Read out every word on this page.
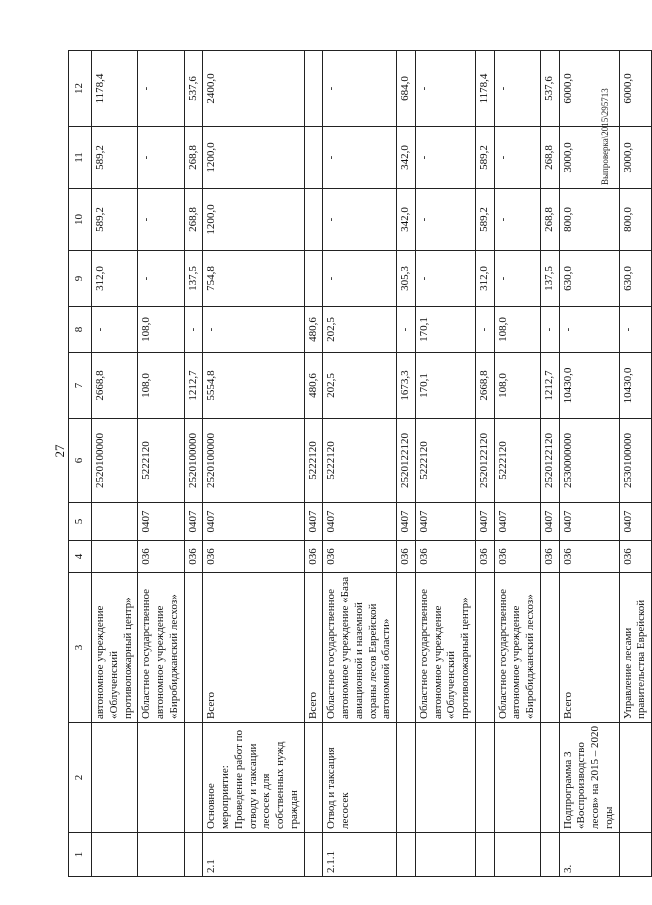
27
Выпроверка\2015\295713
1	2	3	4	5	6	7	8	9	10	11	12
		автономное учреждение «Облученский противопожарный центр»			2520100000	2668,8	-	312,0	589,2	589,2	1178,4
		Областное государственное автономное учреждение «Биробиджанский лесхоз»	036	0407	5222120	108,0	108,0	-	-	-	-
			036	0407	2520100000	1212,7	-	137,5	268,8	268,8	537,6
2.1	Основное мероприятие: Проведение работ по отводу и таксации лесосек для собственных нужд граждан	Всего	036	0407	2520100000	5554,8	-	754,8	1200,0	1200,0	2400,0
		Всего	036	0407	5222120	480,6	480,6				
2.1.1	Отвод и таксация лесосек	Областное государственное автономное учреждение «База авиационной и наземной охраны лесов Еврейской автономной области»	036	0407	5222120	202,5	202,5	-	-	-	-
			036	0407	2520122120	1673,3	-	305,3	342,0	342,0	684,0
		Областное государственное автономное учреждение «Облученский противопожарный центр»	036	0407	5222120	170,1	170,1	-	-	-	-
			036	0407	2520122120	2668,8	-	312,0	589,2	589,2	1178,4
		Областное государственное автономное учреждение «Биробиджанский лесхоз»	036	0407	5222120	108,0	108,0	-	-	-	-
			036	0407	2520122120	1212,7	-	137,5	268,8	268,8	537,6
3.	Подпрограмма 3 «Воспроизводство лесов» на 2015 – 2020 годы	Всего	036	0407	2530000000	10430,0	-	630,0	800,0	3000,0	6000,0
		Управление лесами правительства Еврейской	036	0407	2530100000	10430,0	-	630,0	800,0	3000,0	6000,0
